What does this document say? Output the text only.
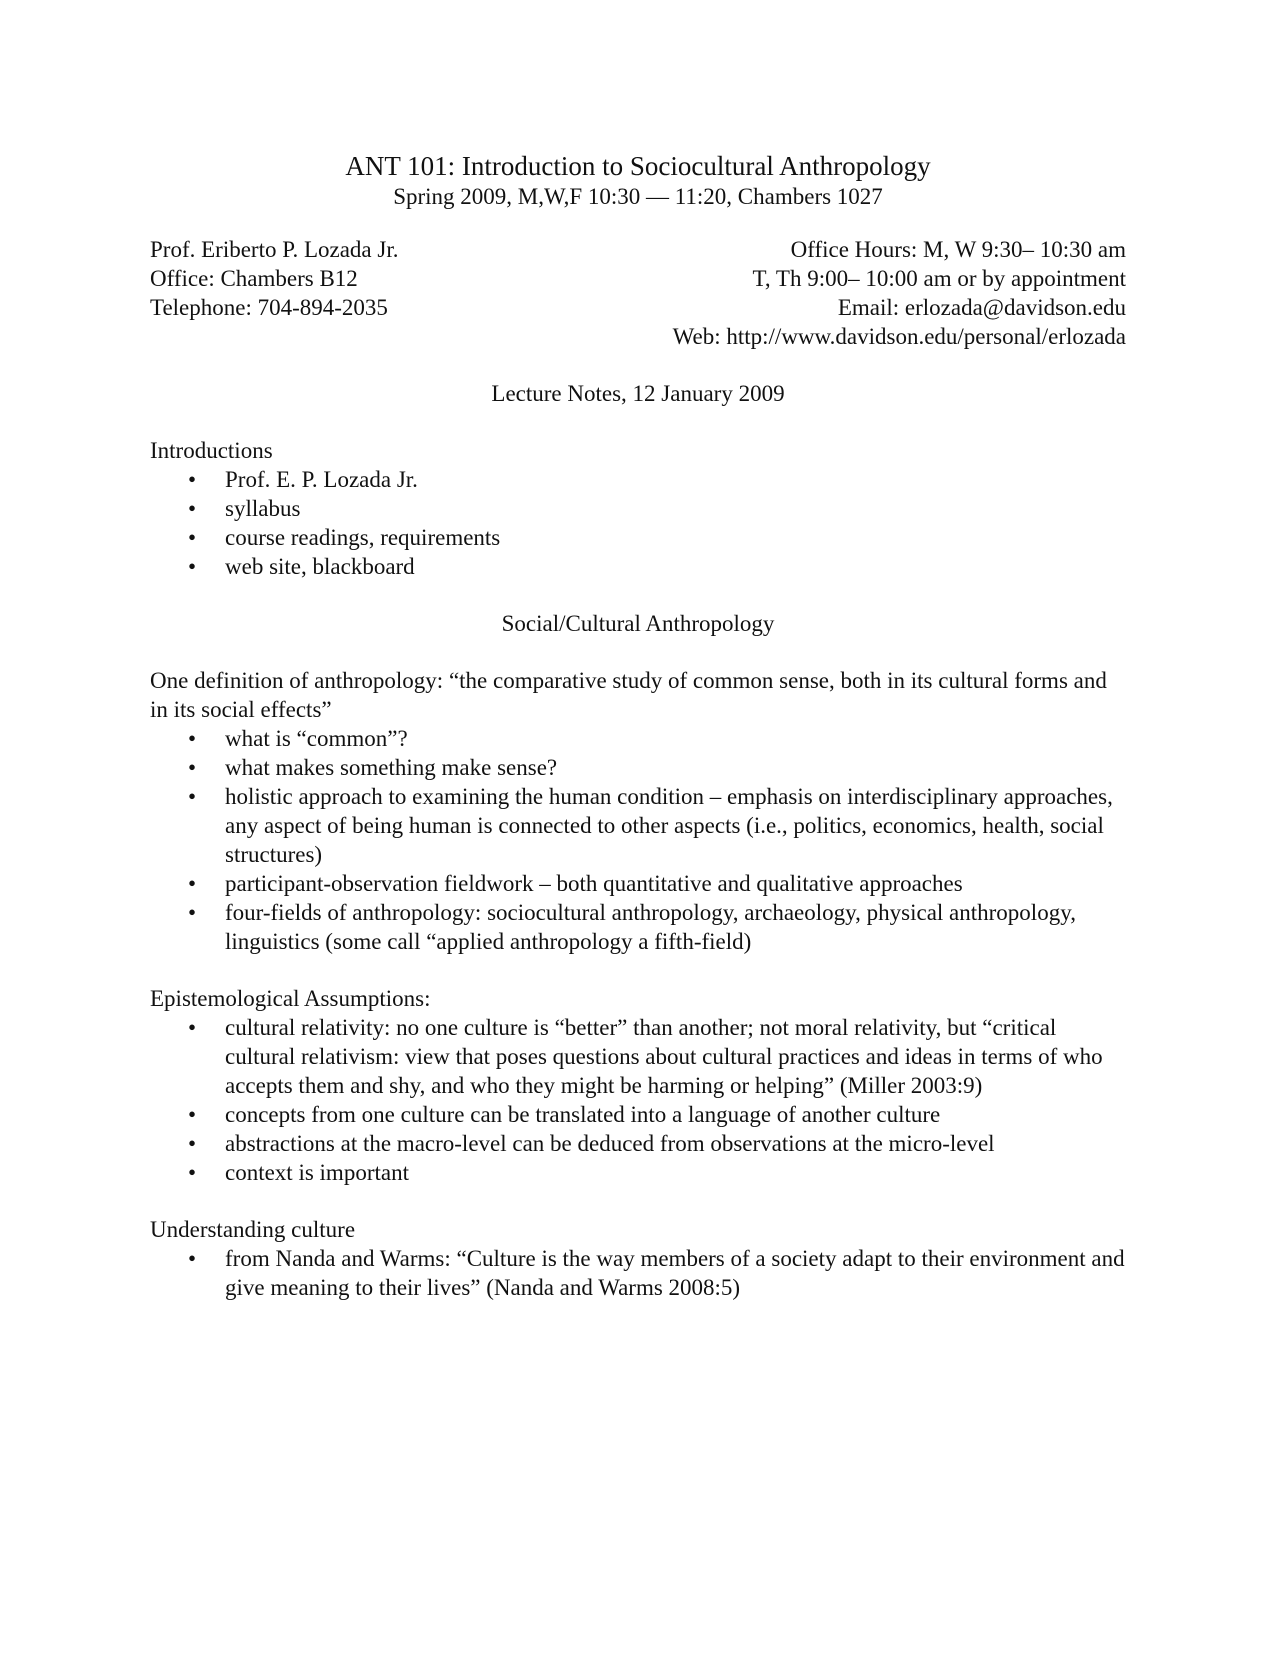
ANT 101: Introduction to Sociocultural Anthropology
Spring 2009, M,W,F 10:30 — 11:20, Chambers 1027
Prof. Eriberto P. Lozada Jr.
Office: Chambers B12
Telephone: 704-894-2035
Office Hours: M, W 9:30– 10:30 am
T, Th 9:00– 10:00 am or by appointment
Email: erlozada@davidson.edu
Web: http://www.davidson.edu/personal/erlozada
Lecture Notes, 12 January 2009
Introductions
• Prof. E. P. Lozada Jr.
• syllabus
• course readings, requirements
• web site, blackboard
Social/Cultural Anthropology
One definition of anthropology: “the comparative study of common sense, both in its cultural forms and in its social effects”
• what is “common”?
• what makes something make sense?
• holistic approach to examining the human condition – emphasis on interdisciplinary approaches, any aspect of being human is connected to other aspects (i.e., politics, economics, health, social structures)
• participant-observation fieldwork – both quantitative and qualitative approaches
• four-fields of anthropology: sociocultural anthropology, archaeology, physical anthropology, linguistics (some call “applied anthropology a fifth-field)
Epistemological Assumptions:
• cultural relativity: no one culture is “better” than another; not moral relativity, but “critical cultural relativism: view that poses questions about cultural practices and ideas in terms of who accepts them and shy, and who they might be harming or helping” (Miller 2003:9)
• concepts from one culture can be translated into a language of another culture
• abstractions at the macro-level can be deduced from observations at the micro-level
• context is important
Understanding culture
• from Nanda and Warms: “Culture is the way members of a society adapt to their environment and give meaning to their lives” (Nanda and Warms 2008:5)
